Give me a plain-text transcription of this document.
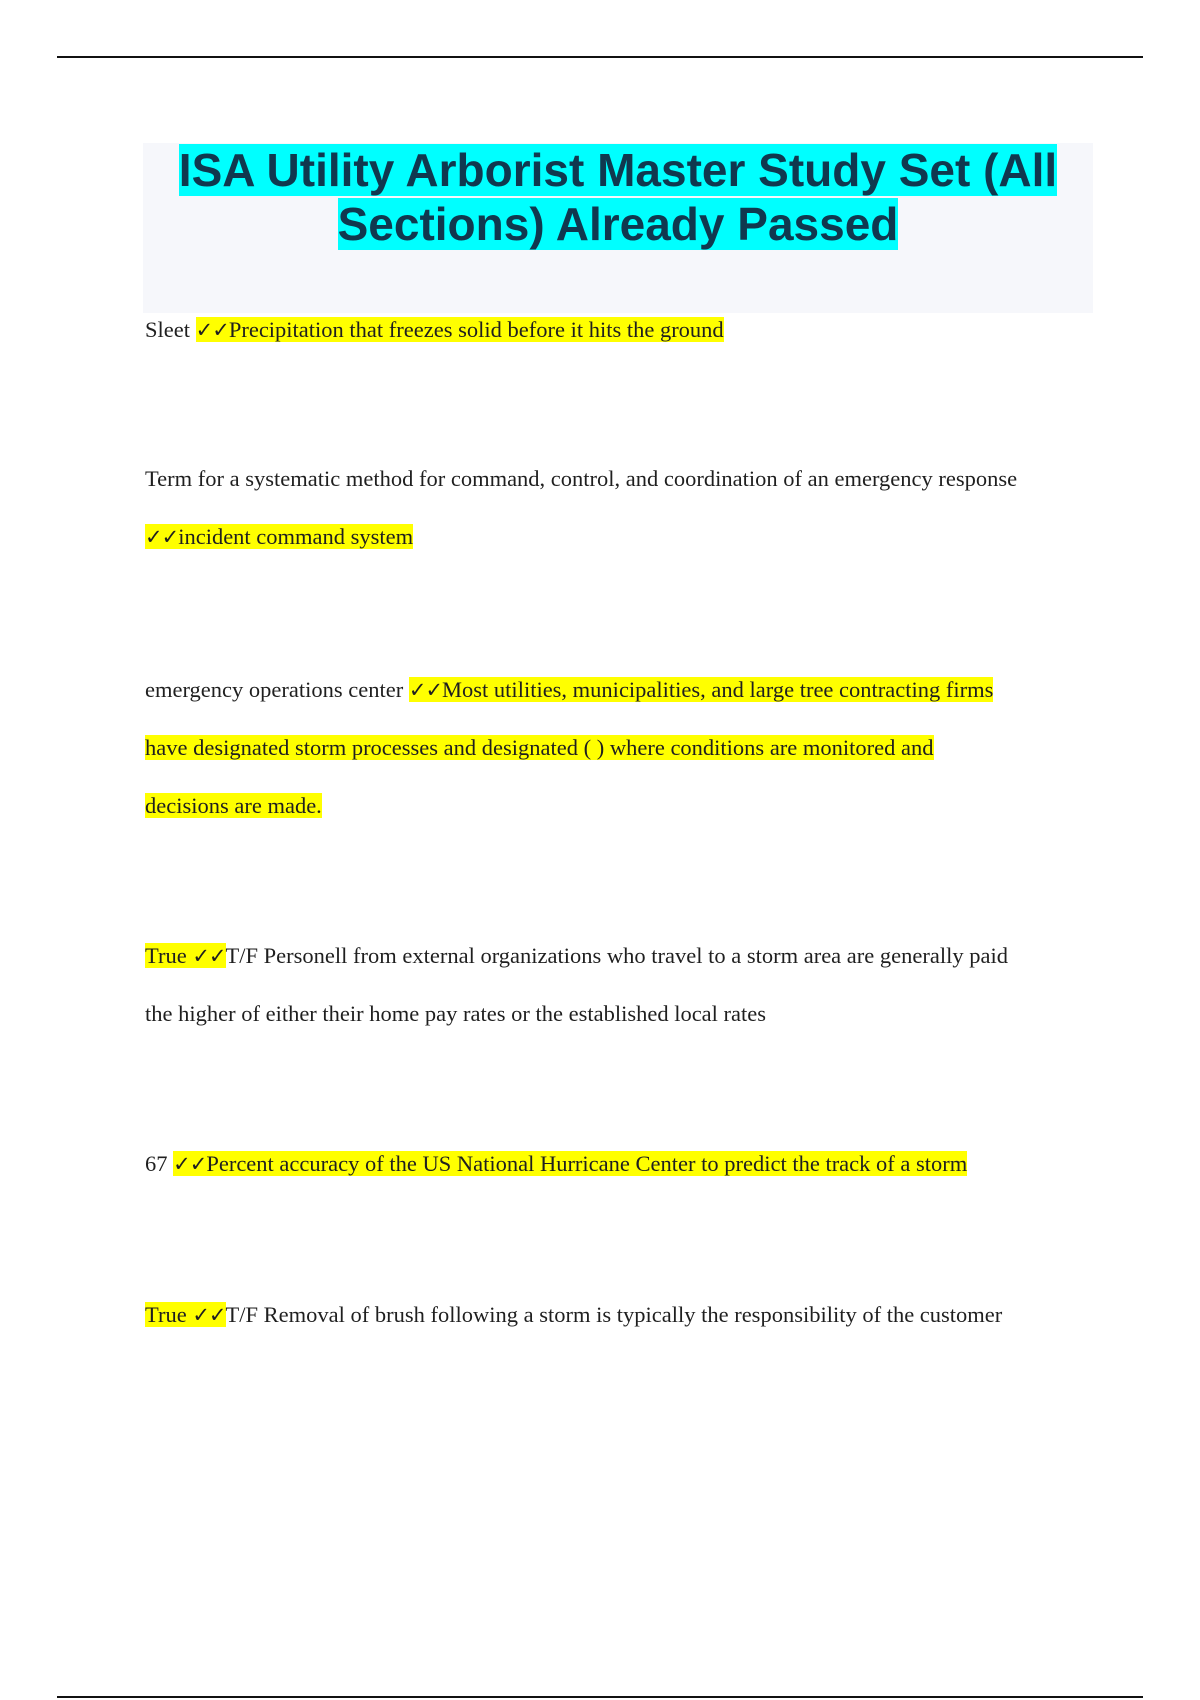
ISA Utility Arborist Master Study Set (All
Sections) Already Passed

Sleet ✓✓Precipitation that freezes solid before it hits the ground

Term for a systematic method for command, control, and coordination of an emergency response
✓✓incident command system

emergency operations center ✓✓Most utilities, municipalities, and large tree contracting firms
have designated storm processes and designated ( ) where conditions are monitored and
decisions are made.

True ✓✓T/F Personell from external organizations who travel to a storm area are generally paid
the higher of either their home pay rates or the established local rates

67 ✓✓Percent accuracy of the US National Hurricane Center to predict the track of a storm

True ✓✓T/F Removal of brush following a storm is typically the responsibility of the customer
